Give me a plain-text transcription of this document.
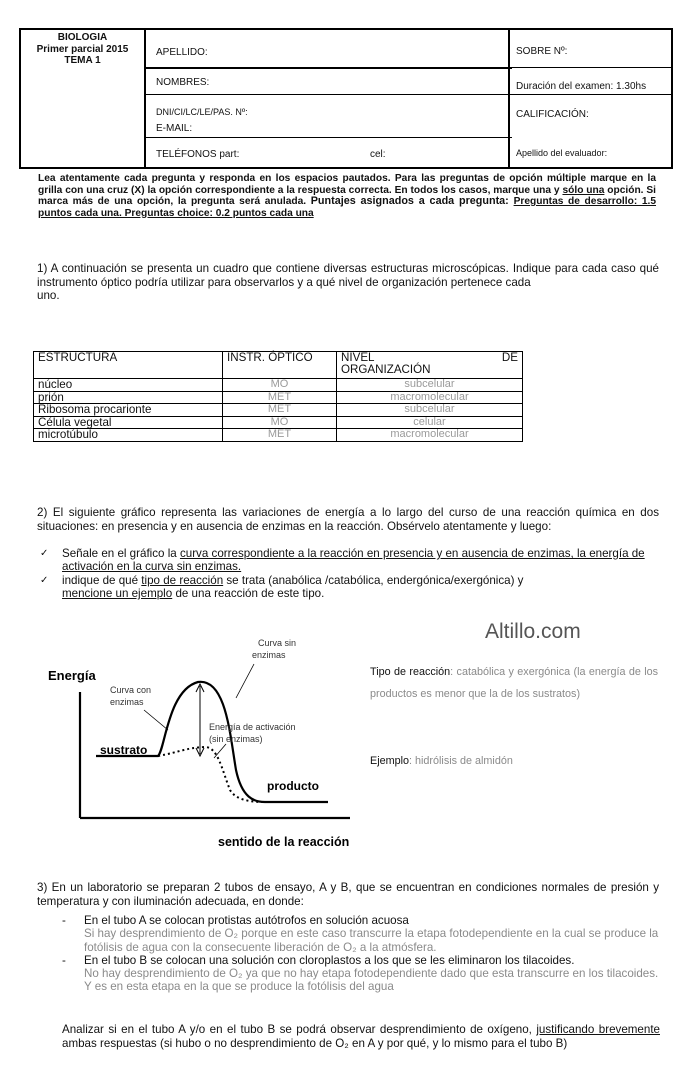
BIOLOGIA
Primer parcial 2015
TEMA 1
APELLIDO:
NOMBRES:
DNI/CI/LC/LE/PAS. Nº:
E-MAIL:
TELÉFONOS part:	cel:
SOBRE Nº:
Duración del examen: 1.30hs
CALIFICACIÓN:
Apellido del evaluador:
Lea atentamente cada pregunta y responda en los espacios pautados. Para las preguntas de opción múltiple marque en la grilla con una cruz (X) la opción correspondiente a la respuesta correcta. En todos los casos, marque una y sólo una opción. Si marca más de una opción, la pregunta será anulada. Puntajes asignados a cada pregunta: Preguntas de desarrollo: 1.5 puntos cada una. Preguntas choice: 0.2 puntos cada una
1) A continuación se presenta un cuadro que contiene diversas estructuras microscópicas. Indique para cada caso qué instrumento óptico podría utilizar para observarlos y a qué nivel de organización pertenece cada
uno.
ESTRUCTURA	INSTR. ÓPTICO	NIVEL DE

ORGANIZACIÓN
núcleo	MO	subcelular
prión	MET	macromolecular
Ribosoma procarionte	MET	subcelular
Célula vegetal	MO	celular
microtúbulo	MET	macromolecular
2) El siguiente gráfico representa las variaciones de energía a lo largo del curso de una reacción química en dos situaciones: en presencia y en ausencia de enzimas en la reacción. Obsérvelo atentamente y luego:
✓ Señale en el gráfico la curva correspondiente a la reacción en presencia y en ausencia de enzimas, la energía de activación en la curva sin enzimas.
✓ indique de qué tipo de reacción se trata (anabólica /catabólica, endergónica/exergónica) y
mencione un ejemplo de una reacción de este tipo.
Altillo.com
Energía
sentido de la reacción
sustrato
producto
Curva sin
enzimas
Curva con
enzimas
Energía de activación
(sin enzimas)
Tipo de reacción: catabólica y exergónica (la energía de los productos es menor que la de los sustratos)
Ejemplo: hidrólisis de almidón
3) En un laboratorio se preparan 2 tubos de ensayo, A y B, que se encuentran en condiciones normales de presión y temperatura y con iluminación adecuada, en donde:
- En el tubo A se colocan protistas autótrofos en solución acuosa
Si hay desprendimiento de O₂ porque en este caso transcurre la etapa fotodependiente en la cual se produce la fotólisis de agua con la consecuente liberación de O₂ a la atmósfera.
- En el tubo B se colocan una solución con cloroplastos a los que se les eliminaron los tilacoides.
No hay desprendimiento de O₂ ya que no hay etapa fotodependiente dado que esta transcurre en los tilacoides. Y es en esta etapa en la que se produce la fotólisis del agua
Analizar si en el tubo A y/o en el tubo B se podrá observar desprendimiento de oxígeno, justificando brevemente ambas respuestas (si hubo o no desprendimiento de O₂ en A y por qué, y lo mismo para el tubo B)
